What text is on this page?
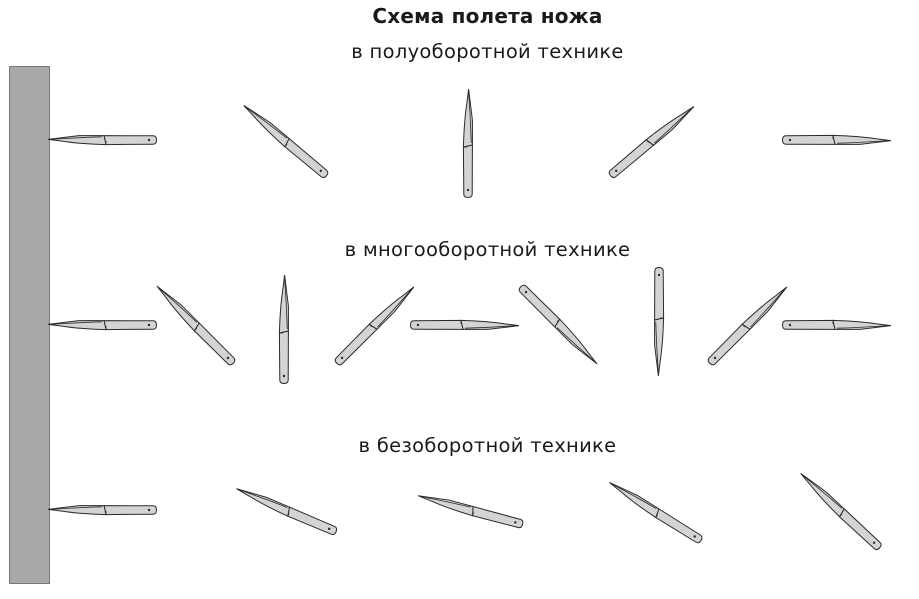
Схема полета ножа
в полуоборотной технике
в многооборотной технике
в безоборотной технике
